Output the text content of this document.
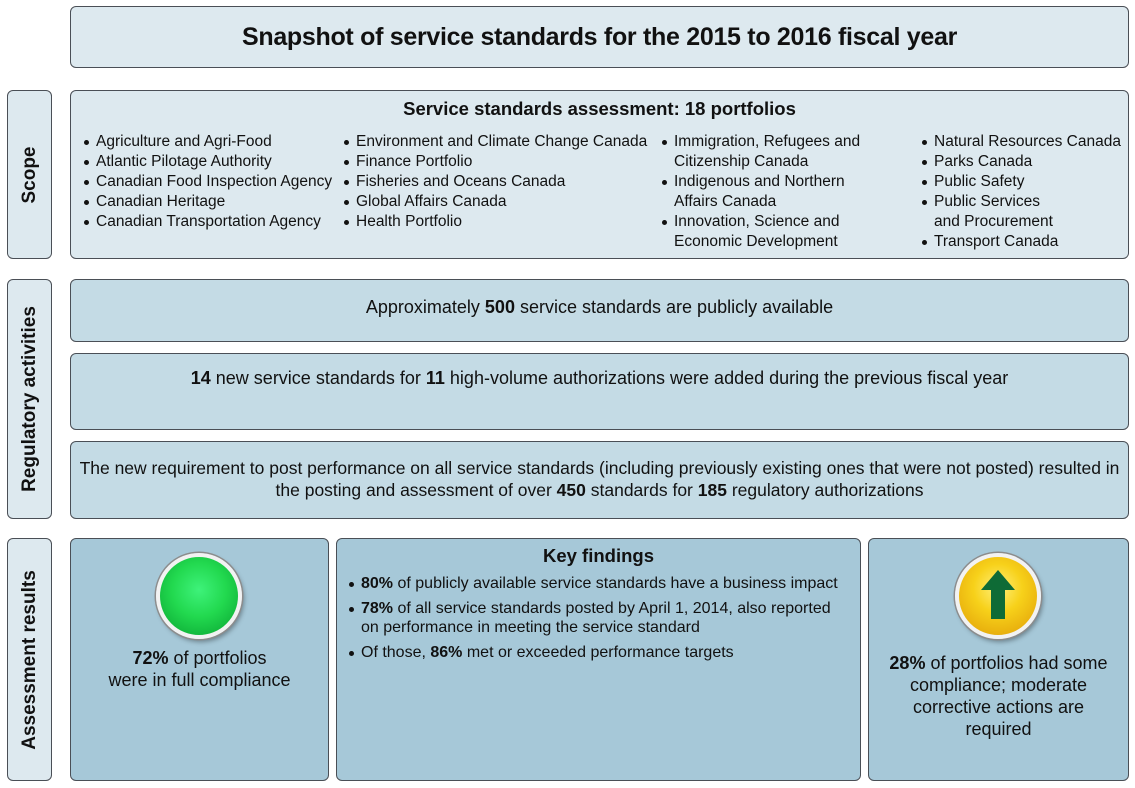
Snapshot of service standards for the 2015 to 2016 fiscal year
Scope
Regulatory activities
Assessment results
Service standards assessment: 18 portfolios
Agriculture and Agri-Food
Atlantic Pilotage Authority
Canadian Food Inspection Agency
Canadian Heritage
Canadian Transportation Agency
Environment and Climate Change Canada
Finance Portfolio
Fisheries and Oceans Canada
Global Affairs Canada
Health Portfolio
Immigration, Refugees and
Citizenship Canada
Indigenous and Northern
Affairs Canada
Innovation, Science and
Economic Development
Natural Resources Canada
Parks Canada
Public Safety
Public Services
and Procurement
Transport Canada
Approximately 500 service standards are publicly available
14 new service standards for 11 high-volume authorizations were added during the previous fiscal year
The new requirement to post performance on all service standards (including previously existing ones that were not posted) resulted in
the posting and assessment of over 450 standards for 185 regulatory authorizations
72% of portfolios
were in full compliance
Key findings
80% of publicly available service standards have a business impact
78% of all service standards posted by April 1, 2014, also reported on performance in meeting the service standard
Of those, 86% met or exceeded performance targets
28% of portfolios had some
compliance; moderate
corrective actions are
required
